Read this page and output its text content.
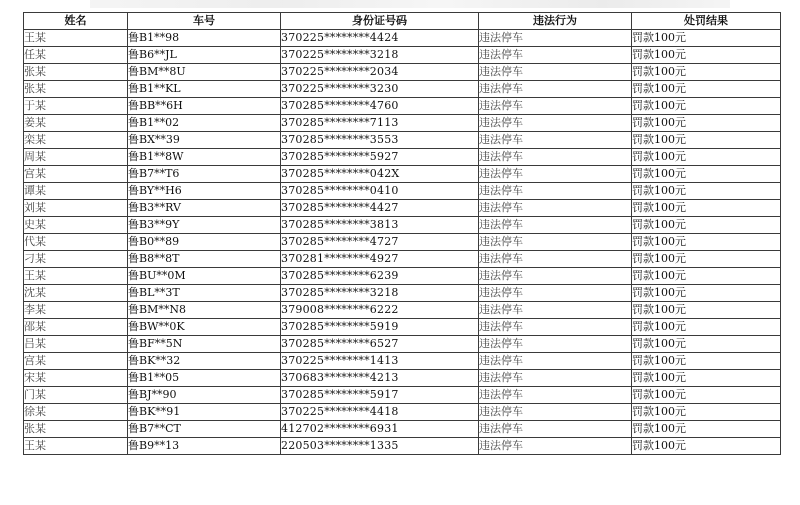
姓名	车号	身份证号码	违法行为	处罚结果
王某	鲁B1**98	370225********4424	违法停车	罚款100元
任某	鲁B6**JL	370225********3218	违法停车	罚款100元
张某	鲁BM**8U	370225********2034	违法停车	罚款100元
张某	鲁B1**KL	370225********3230	违法停车	罚款100元
于某	鲁BB**6H	370285********4760	违法停车	罚款100元
姜某	鲁B1**02	370285********7113	违法停车	罚款100元
栾某	鲁BX**39	370285********3553	违法停车	罚款100元
周某	鲁B1**8W	370285********5927	违法停车	罚款100元
宫某	鲁B7**T6	370285********042X	违法停车	罚款100元
谭某	鲁BY**H6	370285********0410	违法停车	罚款100元
刘某	鲁B3**RV	370285********4427	违法停车	罚款100元
史某	鲁B3**9Y	370285********3813	违法停车	罚款100元
代某	鲁B0**89	370285********4727	违法停车	罚款100元
刁某	鲁B8**8T	370281********4927	违法停车	罚款100元
王某	鲁BU**0M	370285********6239	违法停车	罚款100元
沈某	鲁BL**3T	370285********3218	违法停车	罚款100元
李某	鲁BM**N8	379008********6222	违法停车	罚款100元
邵某	鲁BW**0K	370285********5919	违法停车	罚款100元
吕某	鲁BF**5N	370285********6527	违法停车	罚款100元
宫某	鲁BK**32	370225********1413	违法停车	罚款100元
宋某	鲁B1**05	370683********4213	违法停车	罚款100元
门某	鲁BJ**90	370285********5917	违法停车	罚款100元
徐某	鲁BK**91	370225********4418	违法停车	罚款100元
张某	鲁B7**CT	412702********6931	违法停车	罚款100元
王某	鲁B9**13	220503********1335	违法停车	罚款100元
